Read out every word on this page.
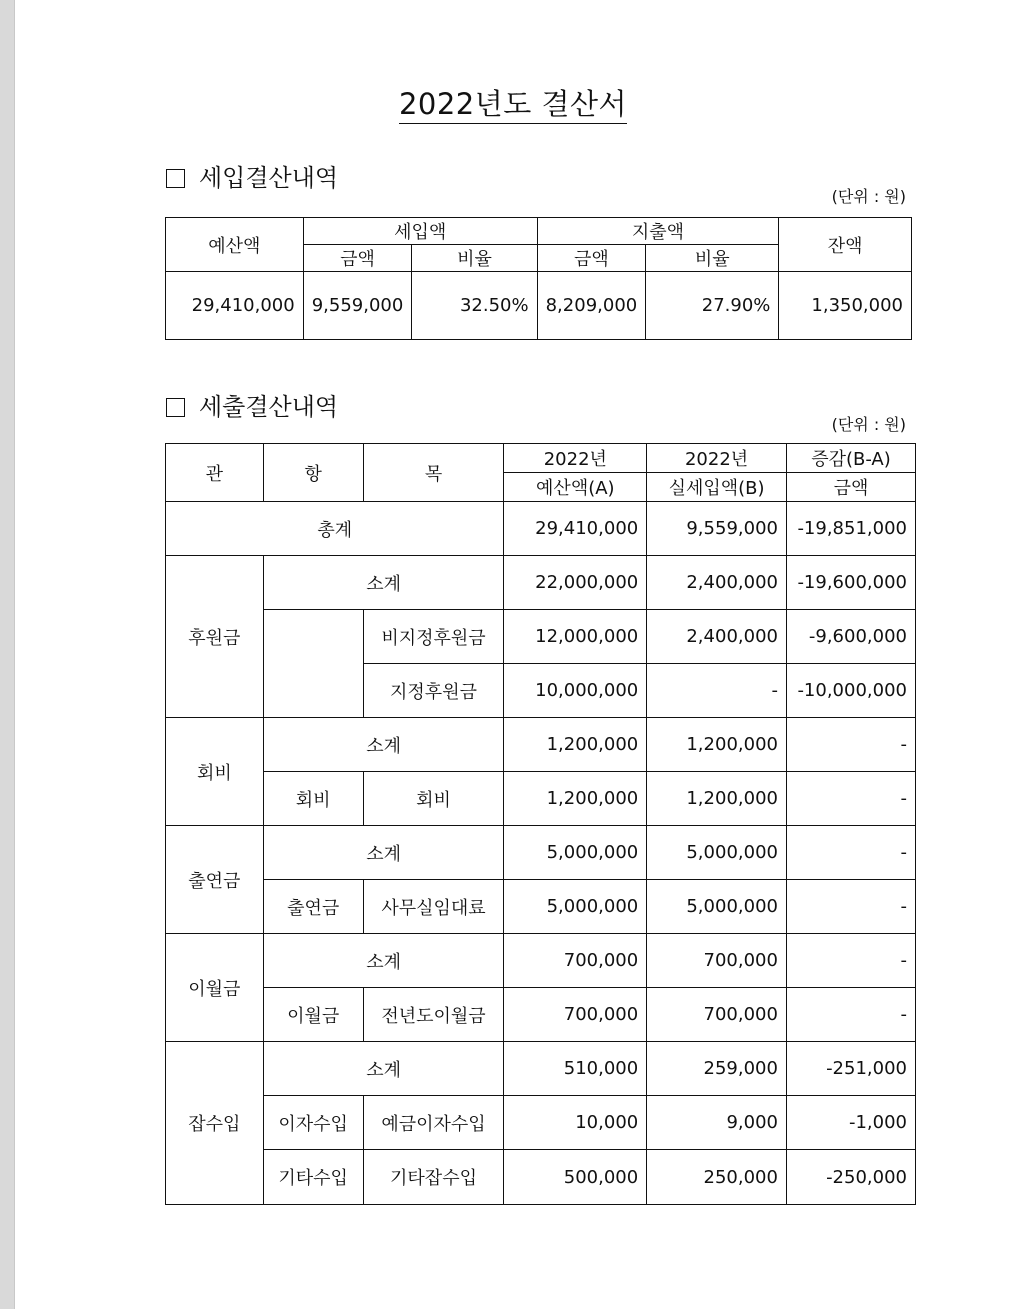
2022년도 결산서
세입결산내역
(단위 : 원)
예산액	세입액		지출액		잔액
	금액	비율	금액	비율	
29,410,000	9,559,000	32.50%	8,209,000	27.90%	1,350,000
세출결산내역
(단위 : 원)
관	항	목	2022년	2022년	증감(B-A)
			예산액(A)	실세입액(B)	금액
총계			29,410,000	9,559,000	-19,851,000
후원금	소계		22,000,000	2,400,000	-19,600,000
		비지정후원금	12,000,000	2,400,000	-9,600,000
		지정후원금	10,000,000	-	-10,000,000
회비	소계		1,200,000	1,200,000	-
	회비	회비	1,200,000	1,200,000	-
출연금	소계		5,000,000	5,000,000	-
	출연금	사무실임대료	5,000,000	5,000,000	-
이월금	소계		700,000	700,000	-
	이월금	전년도이월금	700,000	700,000	-
잡수입	소계		510,000	259,000	-251,000
	이자수입	예금이자수입	10,000	9,000	-1,000
	기타수입	기타잡수입	500,000	250,000	-250,000
